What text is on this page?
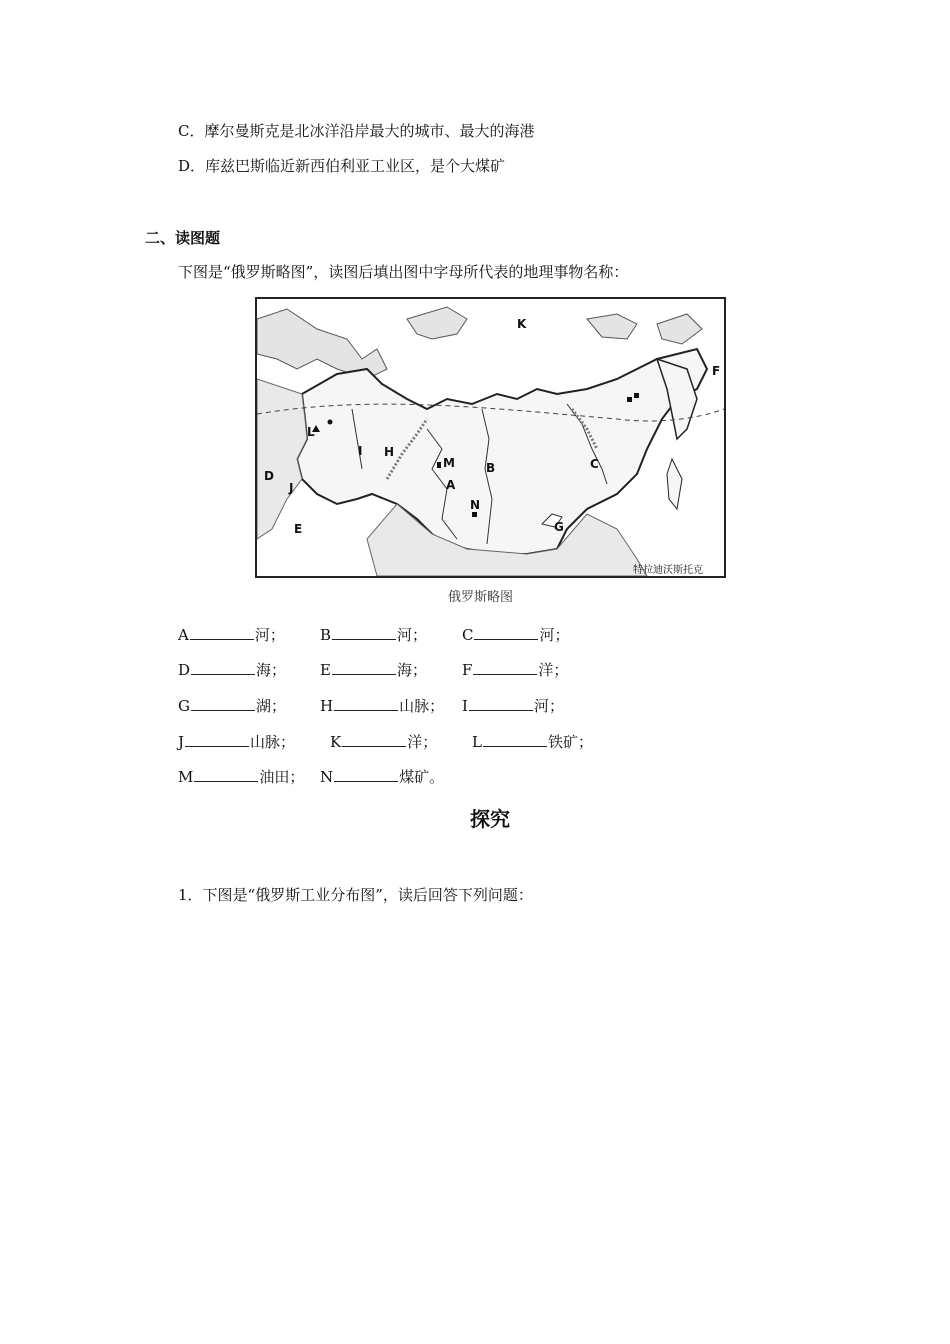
C．摩尔曼斯克是北冰洋沿岸最大的城市、最大的海港
D．库兹巴斯临近新西伯利亚工业区，是个大煤矿
二、读图题
下图是“俄罗斯略图”，读图后填出图中字母所代表的地理事物名称：
A
B	C
D
E
F
G
H
I
J
K
L
M
N
特拉迪沃斯托克
俄罗斯略图
A	河； B	河； C	河；
D	海； E	海； F	洋；
G	湖； H	山脉； I	河；
J	山脉； K	洋； L	铁矿；
M	油田； N	煤矿。
探究
1．下图是“俄罗斯工业分布图”，读后回答下列问题：
